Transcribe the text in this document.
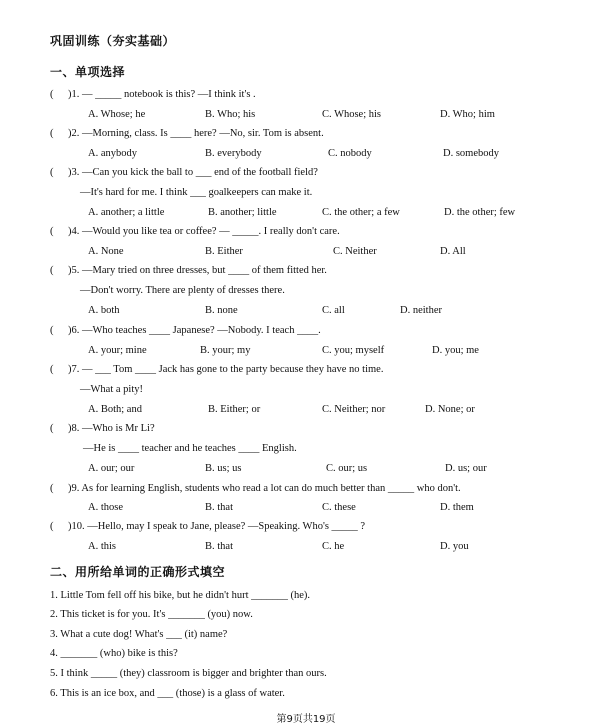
巩固训练（夯实基础）
一、单项选择
( )1. — _____ notebook is this? —I think it's .
A. Whose; he	B. Who; his	C. Whose; his	D. Who; him
( )2. —Morning, class. Is ____ here? —No, sir. Tom is absent.
A. anybody	B. everybody	C. nobody	D. somebody
( )3. —Can you kick the ball to ___ end of the football field?
—It's hard for me. I think ___ goalkeepers can make it.
A. another; a little	B. another; little	C. the other; a few	D. the other; few
( )4. —Would you like tea or coffee? — _____. I really don't care.
A. None	B. Either	C. Neither	D. All
( )5. —Mary tried on three dresses, but ____ of them fitted her.
—Don't worry. There are plenty of dresses there.
A. both	B. none	C. all	D. neither
( )6. —Who teaches ____ Japanese? —Nobody. I teach ____.
A. your; mine	B. your; my	C. you; myself	D. you; me
( )7. — ___ Tom ____ Jack has gone to the party because they have no time.
—What a pity!
A. Both; and	B. Either; or	C. Neither; nor	D. None; or
( )8. —Who is Mr Li?
—He is ____ teacher and he teaches ____ English.
A. our; our	B. us; us	C. our; us	D. us; our
( )9. As for learning English, students who read a lot can do much better than _____ who don't.
A. those	B. that	C. these	D. them
( )10. —Hello, may I speak to Jane, please? —Speaking. Who's _____ ?
A. this	B. that	C. he	D. you
二、用所给单词的正确形式填空
1. Little Tom fell off his bike, but he didn't hurt _______ (he).
2. This ticket is for you. It's _______ (you) now.
3. What a cute dog! What's ___ (it) name?
4. _______ (who) bike is this?
5. I think _____ (they) classroom is bigger and brighter than ours.
6. This is an ice box, and ___ (those) is a glass of water.
第9页共19页
